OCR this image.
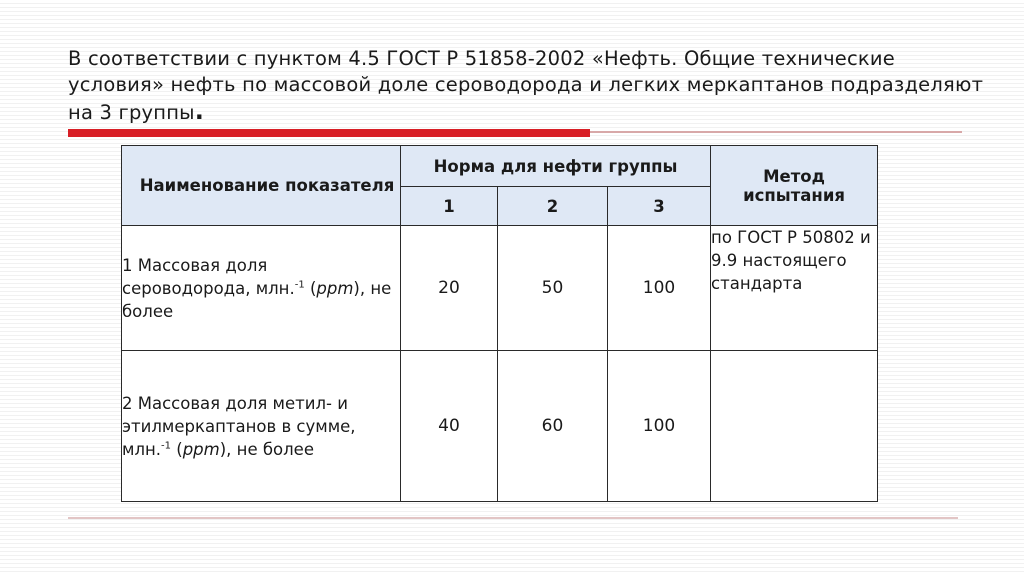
В соответствии с пунктом 4.5 ГОСТ Р 51858-2002 «Нефть. Общие технические условия» нефть по массовой доле сероводорода и легких меркаптанов подразделяют на 3 группы.

Наименование показателя	Норма для нефти группы			Метод испытания
	1	2	3	
1 Массовая доля сероводорода, млн.$^{-1}$ (ppm), не более	20	50	100	по ГОСТ Р 50802 и 9.9 настоящего стандарта
2 Массовая доля метил- и этилмеркаптанов в сумме, млн.$^{-1}$ (ppm), не более	40	60	100	
